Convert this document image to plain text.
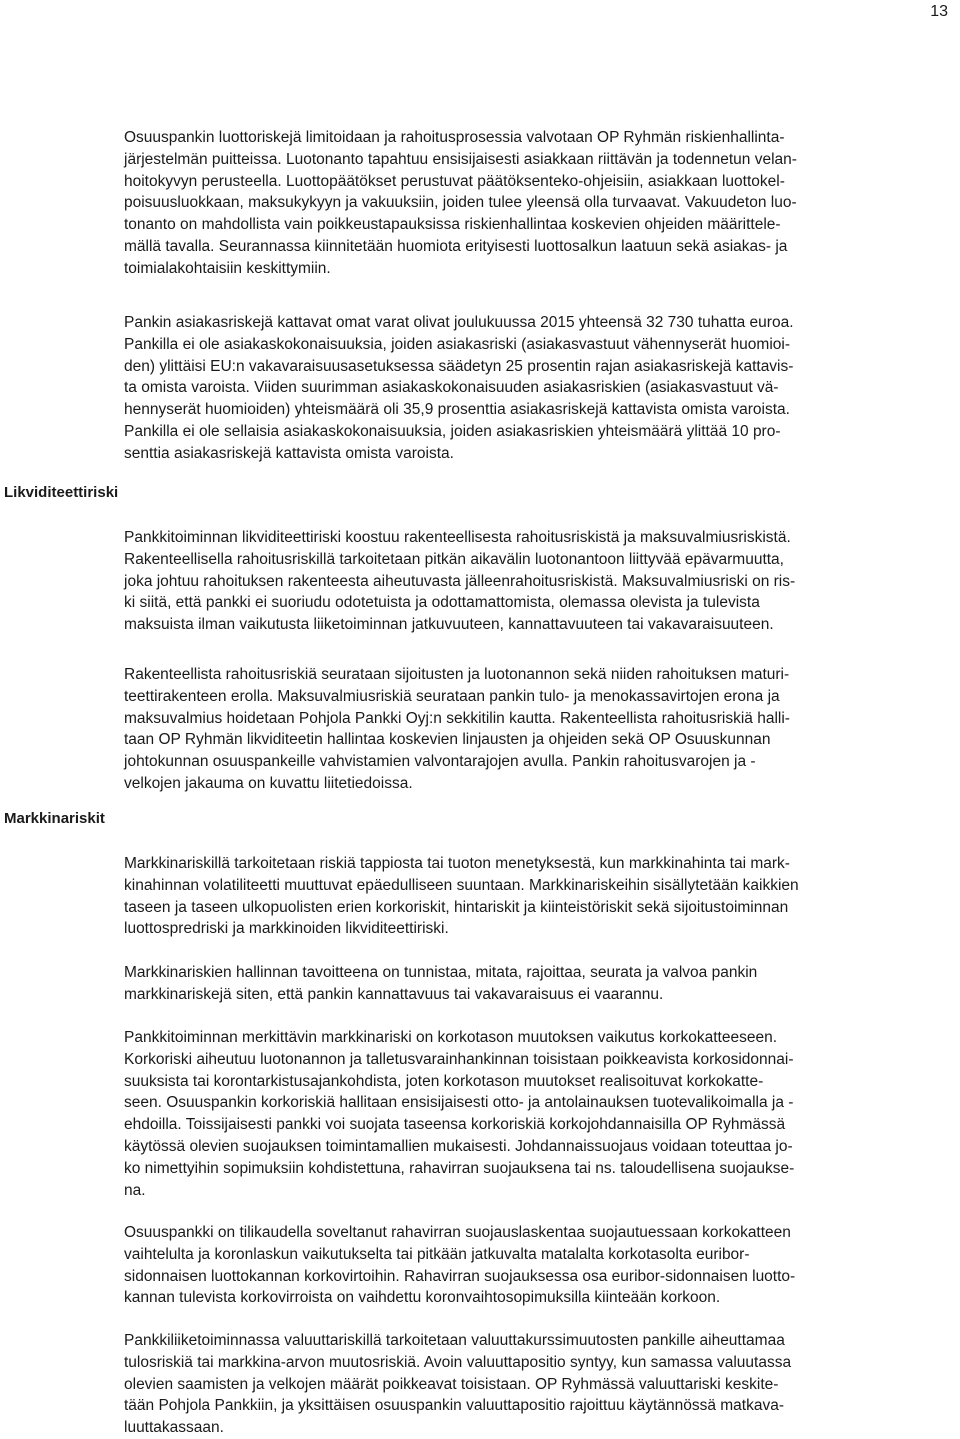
13
Likviditeettiriski
Markkinariskit
Osuuspankin luottoriskejä limitoidaan ja rahoitusprosessia valvotaan OP Ryhmän riskienhallinta-
järjestelmän puitteissa. Luotonanto tapahtuu ensisijaisesti asiakkaan riittävän ja todennetun velan-
hoitokyvyn perusteella. Luottopäätökset perustuvat päätöksenteko-ohjeisiin, asiakkaan luottokel-
poisuusluokkaan, maksukykyyn ja vakuuksiin, joiden tulee yleensä olla turvaavat. Vakuudeton luo-
tonanto on mahdollista vain poikkeustapauksissa riskienhallintaa koskevien ohjeiden määrittele-
mällä tavalla. Seurannassa kiinnitetään huomiota erityisesti luottosalkun laatuun sekä asiakas- ja
toimialakohtaisiin keskittymiin.
Pankin asiakasriskejä kattavat omat varat olivat joulukuussa 2015 yhteensä 32 730 tuhatta euroa.
Pankilla ei ole asiakaskokonaisuuksia, joiden asiakasriski (asiakasvastuut vähennyserät huomioi-
den) ylittäisi EU:n vakavaraisuusasetuksessa säädetyn 25 prosentin rajan asiakasriskejä kattavis-
ta omista varoista. Viiden suurimman asiakaskokonaisuuden asiakasriskien (asiakasvastuut vä-
hennyserät huomioiden) yhteismäärä oli 35,9 prosenttia asiakasriskejä kattavista omista varoista.
Pankilla ei ole sellaisia asiakaskokonaisuuksia, joiden asiakasriskien yhteismäärä ylittää 10 pro-
senttia asiakasriskejä kattavista omista varoista.
Pankkitoiminnan likviditeettiriski koostuu rakenteellisesta rahoitusriskistä ja maksuvalmiusriskistä.
Rakenteellisella rahoitusriskillä tarkoitetaan pitkän aikavälin luotonantoon liittyvää epävarmuutta,
joka johtuu rahoituksen rakenteesta aiheutuvasta jälleenrahoitusriskistä. Maksuvalmiusriski on ris-
ki siitä, että pankki ei suoriudu odotetuista ja odottamattomista, olemassa olevista ja tulevista
maksuista ilman vaikutusta liiketoiminnan jatkuvuuteen, kannattavuuteen tai vakavaraisuuteen.
Rakenteellista rahoitusriskiä seurataan sijoitusten ja luotonannon sekä niiden rahoituksen maturi-
teettirakenteen erolla. Maksuvalmiusriskiä seurataan pankin tulo- ja menokassavirtojen erona ja
maksuvalmius hoidetaan Pohjola Pankki Oyj:n sekkitilin kautta. Rakenteellista rahoitusriskiä halli-
taan OP Ryhmän likviditeetin hallintaa koskevien linjausten ja ohjeiden sekä OP Osuuskunnan
johtokunnan osuuspankeille vahvistamien valvontarajojen avulla. Pankin rahoitusvarojen ja -
velkojen jakauma on kuvattu liitetiedoissa.
Markkinariskillä tarkoitetaan riskiä tappiosta tai tuoton menetyksestä, kun markkinahinta tai mark-
kinahinnan volatiliteetti muuttuvat epäedulliseen suuntaan. Markkinariskeihin sisällytetään kaikkien
taseen ja taseen ulkopuolisten erien korkoriskit, hintariskit ja kiinteistöriskit sekä sijoitustoiminnan
luottospredriski ja markkinoiden likviditeettiriski.
Markkinariskien hallinnan tavoitteena on tunnistaa, mitata, rajoittaa, seurata ja valvoa pankin
markkinariskejä siten, että pankin kannattavuus tai vakavaraisuus ei vaarannu.
Pankkitoiminnan merkittävin markkinariski on korkotason muutoksen vaikutus korkokatteeseen.
Korkoriski aiheutuu luotonannon ja talletusvarainhankinnan toisistaan poikkeavista korkosidonnai-
suuksista tai korontarkistusajankohdista, joten korkotason muutokset realisoituvat korkokatte-
seen. Osuuspankin korkoriskiä hallitaan ensisijaisesti otto- ja antolainauksen tuotevalikoimalla ja -
ehdoilla. Toissijaisesti pankki voi suojata taseensa korkoriskiä korkojohdannaisilla OP Ryhmässä
käytössä olevien suojauksen toimintamallien mukaisesti. Johdannaissuojaus voidaan toteuttaa jo-
ko nimettyihin sopimuksiin kohdistettuna, rahavirran suojauksena tai ns. taloudellisena suojaukse-
na.
Osuuspankki on tilikaudella soveltanut rahavirran suojauslaskentaa suojautuessaan korkokatteen
vaihtelulta ja koronlaskun vaikutukselta tai pitkään jatkuvalta matalalta korkotasolta euribor-
sidonnaisen luottokannan korkovirtoihin. Rahavirran suojauksessa osa euribor-sidonnaisen luotto-
kannan tulevista korkovirroista on vaihdettu koronvaihtosopimuksilla kiinteään korkoon.
Pankkiliiketoiminnassa valuuttariskillä tarkoitetaan valuuttakurssimuutosten pankille aiheuttamaa
tulosriskiä tai markkina-arvon muutosriskiä. Avoin valuuttapositio syntyy, kun samassa valuutassa
olevien saamisten ja velkojen määrät poikkeavat toisistaan. OP Ryhmässä valuuttariski keskite-
tään Pohjola Pankkiin, ja yksittäisen osuuspankin valuuttapositio rajoittuu käytännössä matkava-
luuttakassaan.
